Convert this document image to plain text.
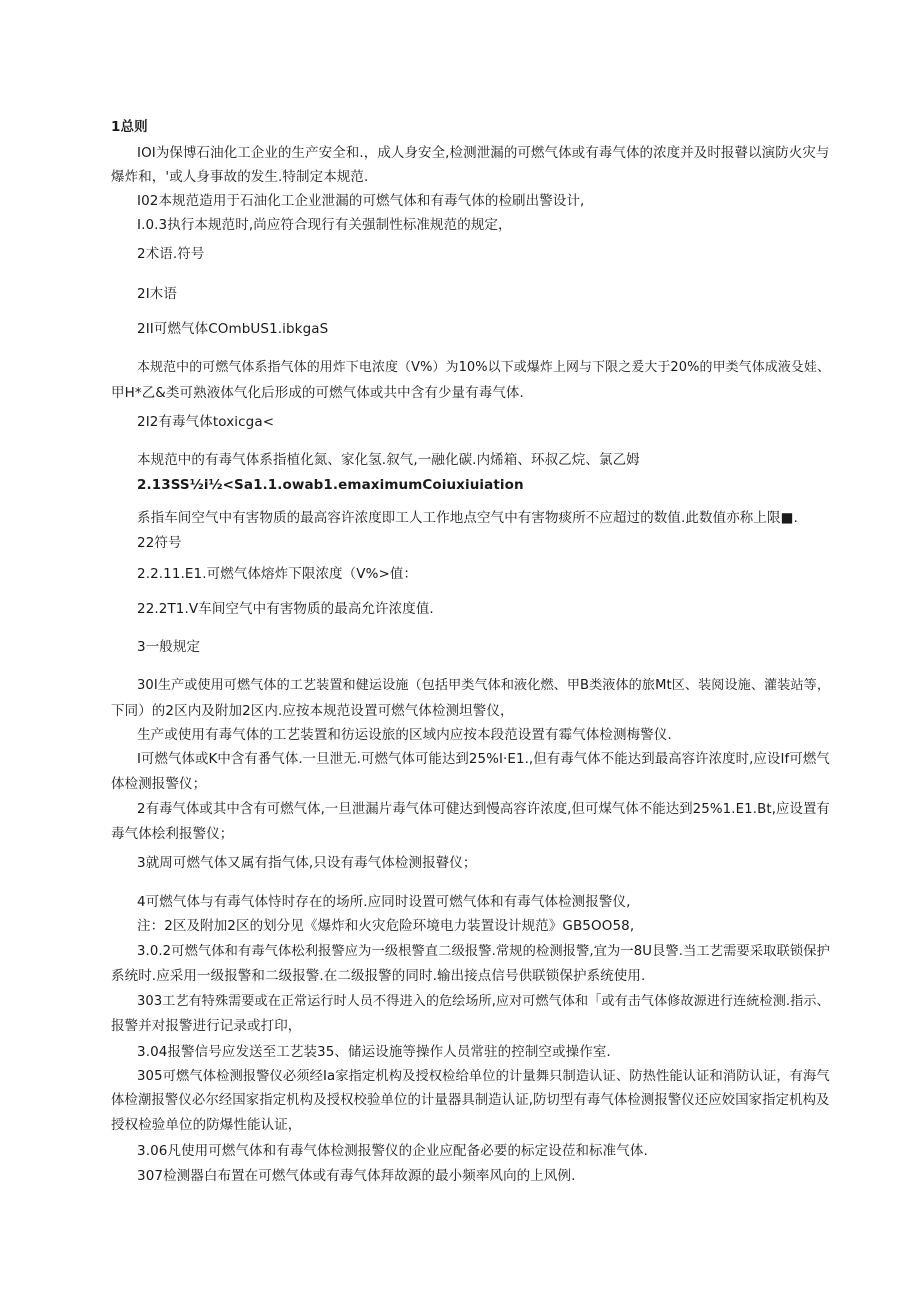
1总则
IOI为保博石油化工企业的生产安全和.，成人身安全,检测泄漏的可燃气体或有毒气体的浓度并及时报瞽以演防火灾与
爆炸和，'或人身事故的发生.特制定本规范.
I02本规范造用于石油化工企业泄漏的可燃气体和有毒气体的检刷出警设计,
I.0.3执行本规范时,尚应符合现行有关强制性标准规范的规定，
2术语.符号
2I木语
2II可燃气体COmbUS1.ibkgaS
本规范中的可燃气体系指气体的用炸下电浓度（V%）为10%以下或爆炸上网与下限之爰大于20%的甲类气体成液殳娃、
甲H*乙&类可熟液体气化后形成的可燃气体或共中含有少量有毒气体.
2I2有毒气体toxicga<
本规范中的有毒气体系指植化氮、家化氢.叙气,一融化碳.内烯箱、环叔乙烷、氯乙姆
2.13SS½i½<Sa1.1.owab1.emaximumCoiuxiuiation
系指车间空气中有害物质的最高容许浓度即工人工作地点空气中有害物痰所不应超过的数值.此数值亦称上限■.
22符号
2.2.11.E1.可燃气体熔炸下限浓度（V%>值：
22.2T1.V车间空气中有害物质的最高允许浓度值.
3一般规定
30I生产或使用可燃气体的工艺装置和健运设施（包括甲类气体和液化燃、甲B类液体的旅Mt区、装阅设施、灌装站等，
下同）的2区内及附加2区内.应按本规范设置可燃气体检测坦警仪，
生产或使用有毒气体的工艺装置和彷运设旅的区域内应按本段范设置有霉气体检测梅警仪.
I可燃气体或K中含有番气体.一旦泄无.可燃气体可能达到25%I·E1.,但有毒气体不能达到最高容许浓度时,应设If可燃气
体检测报警仪；
2有毒气体或其中含有可燃气体,一旦泄漏片毒气体可健达到慢高容许浓度,但可煤气体不能达到25%1.E1.Bt,应设置有
毒气体桧利报警仪；
3就周可燃气体又属有指气体,只设有毒气体检测报瞽仪；
4可燃气体与有毒气体恃时存在的场所.应同时设置可燃气体和有毒气体检测报警仪,
注：2区及附加2区的划分见《爆炸和火灾危险环境电力装置设计规范》GB5OO58,
3.0.2可燃气体和有毒气体松利报警应为一级根警直二级报警.常规的检测报警,宜为一8U艮警.当工艺需要采取联锁保护
系统时.应采用一级报警和二级报警.在二级报警的同时.输出接点信号供联锁保护系统使用.
303工艺有特殊需要或在正常运行时人员不得进入的危绘场所,应对可燃气体和「或有击气体修故源进行连統检测.指示、
报警并对报警进行记录或打印，
3.04报警信号应发送至工艺装35、储运设施等操作人员常驻的控制空或操作室.
305可燃气体检测报警仪必须经Ia家指定机构及授权检给单位的计量舞只制造认证、防热性能认证和消防认证，有海气
体检潮报警仪必尔经国家指定机构及授权校验单位的计量器具制造认证,防切型有毒气体检测报警仪还应姣国家指定机构及
授权检验单位的防爆性能认证，
3.06凡使用可燃气体和有毒气体检测报警仪的企业应配备必要的标定设莅和标准气体.
307检测器白布置在可燃气体或有毒气体拜故源的最小频率风向的上风例.
